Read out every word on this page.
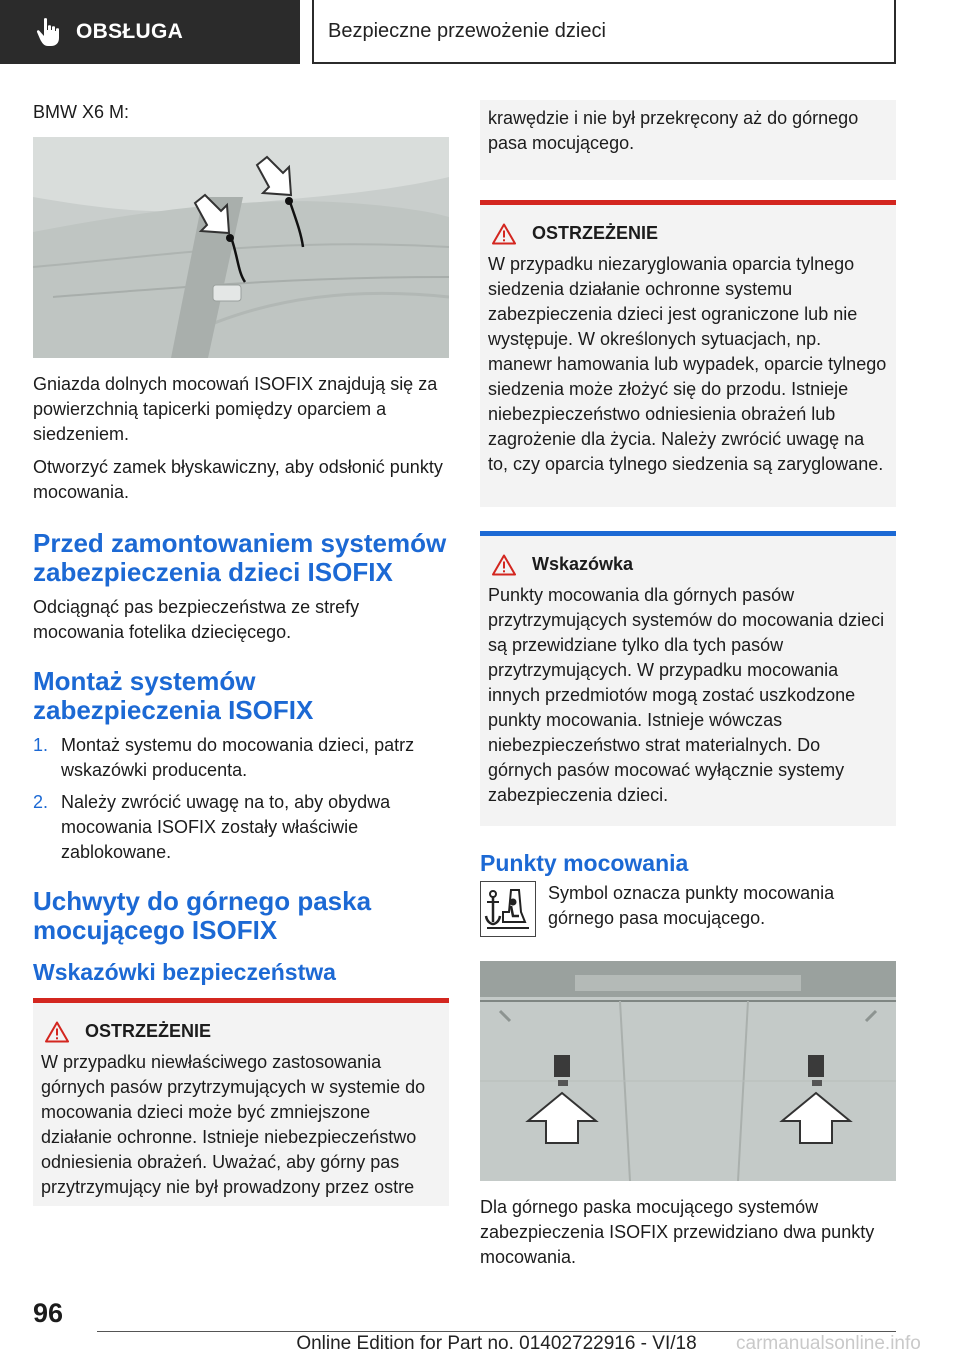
OBSŁUGA	Bezpieczne przewożenie dzieci

BMW X6 M:

Gniazda dolnych mocowań ISOFIX znajdują się za powierzchnią tapicerki pomiędzy oparciem a siedzeniem.

Otworzyć zamek błyskawiczny, aby odsłonić punkty mocowania.

Przed zamontowaniem systemów zabezpieczenia dzieci ISOFIX

Odciągnąć pas bezpieczeństwa ze strefy mocowania fotelika dziecięcego.

Montaż systemów zabezpieczenia ISOFIX
1. Montaż systemu do mocowania dzieci, patrz wskazówki producenta.
2. Należy zwrócić uwagę na to, aby obydwa mocowania ISOFIX zostały właściwie zablokowane.
Uchwyty do górnego paska mocującego ISOFIX
Wskazówki bezpieczeństwa
OSTRZEŻENIE

W przypadku niewłaściwego zastosowania górnych pasów przytrzymujących w systemie do mocowania dzieci może być zmniejszone działanie ochronne. Istnieje niebezpieczeństwo odniesienia obrażeń. Uważać, aby górny pas przytrzymujący nie był prowadzony przez ostre

krawędzie i nie był przekręcony aż do górnego pasa mocującego.

OSTRZEŻENIE

W przypadku niezaryglowania oparcia tylnego siedzenia działanie ochronne systemu zabezpieczenia dzieci jest ograniczone lub nie występuje. W określonych sytuacjach, np. manewr hamowania lub wypadek, oparcie tylnego siedzenia może złożyć się do przodu. Istnieje niebezpieczeństwo odniesienia obrażeń lub zagrożenie dla życia. Należy zwrócić uwagę na to, czy oparcia tylnego siedzenia są zaryglowane.

Wskazówka

Punkty mocowania dla górnych pasów przytrzymujących systemów do mocowania dzieci są przewidziane tylko dla tych pasów przytrzymujących. W przypadku mocowania innych przedmiotów mogą zostać uszkodzone punkty mocowania. Istnieje wówczas niebezpieczeństwo strat materialnych. Do górnych pasów mocować wyłącznie systemy zabezpieczenia dzieci.

Punkty mocowania

Symbol oznacza punkty mocowania górnego pasa mocującego.

Dla górnego paska mocującego systemów zabezpieczenia ISOFIX przewidziano dwa punkty mocowania.

96
Online Edition for Part no. 01402722916 - VI/18	carmanualsonline.info
